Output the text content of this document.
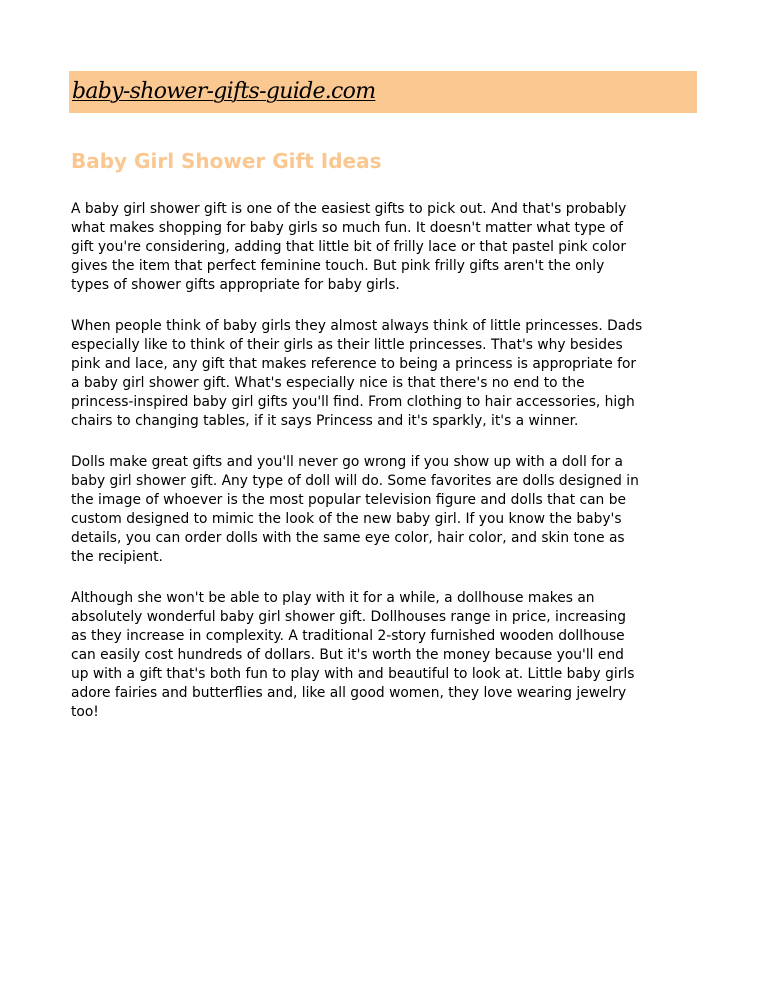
baby-shower-gifts-guide.com
Baby Girl Shower Gift Ideas

A baby girl shower gift is one of the easiest gifts to pick out. And that's probably
what makes shopping for baby girls so much fun. It doesn't matter what type of
gift you're considering, adding that little bit of frilly lace or that pastel pink color
gives the item that perfect feminine touch. But pink frilly gifts aren't the only
types of shower gifts appropriate for baby girls.

When people think of baby girls they almost always think of little princesses. Dads
especially like to think of their girls as their little princesses. That's why besides
pink and lace, any gift that makes reference to being a princess is appropriate for
a baby girl shower gift. What's especially nice is that there's no end to the
princess-inspired baby girl gifts you'll find. From clothing to hair accessories, high
chairs to changing tables, if it says Princess and it's sparkly, it's a winner.

Dolls make great gifts and you'll never go wrong if you show up with a doll for a
baby girl shower gift. Any type of doll will do. Some favorites are dolls designed in
the image of whoever is the most popular television figure and dolls that can be
custom designed to mimic the look of the new baby girl. If you know the baby's
details, you can order dolls with the same eye color, hair color, and skin tone as
the recipient.

Although she won't be able to play with it for a while, a dollhouse makes an
absolutely wonderful baby girl shower gift. Dollhouses range in price, increasing
as they increase in complexity. A traditional 2-story furnished wooden dollhouse
can easily cost hundreds of dollars. But it's worth the money because you'll end
up with a gift that's both fun to play with and beautiful to look at. Little baby girls
adore fairies and butterflies and, like all good women, they love wearing jewelry
too!
